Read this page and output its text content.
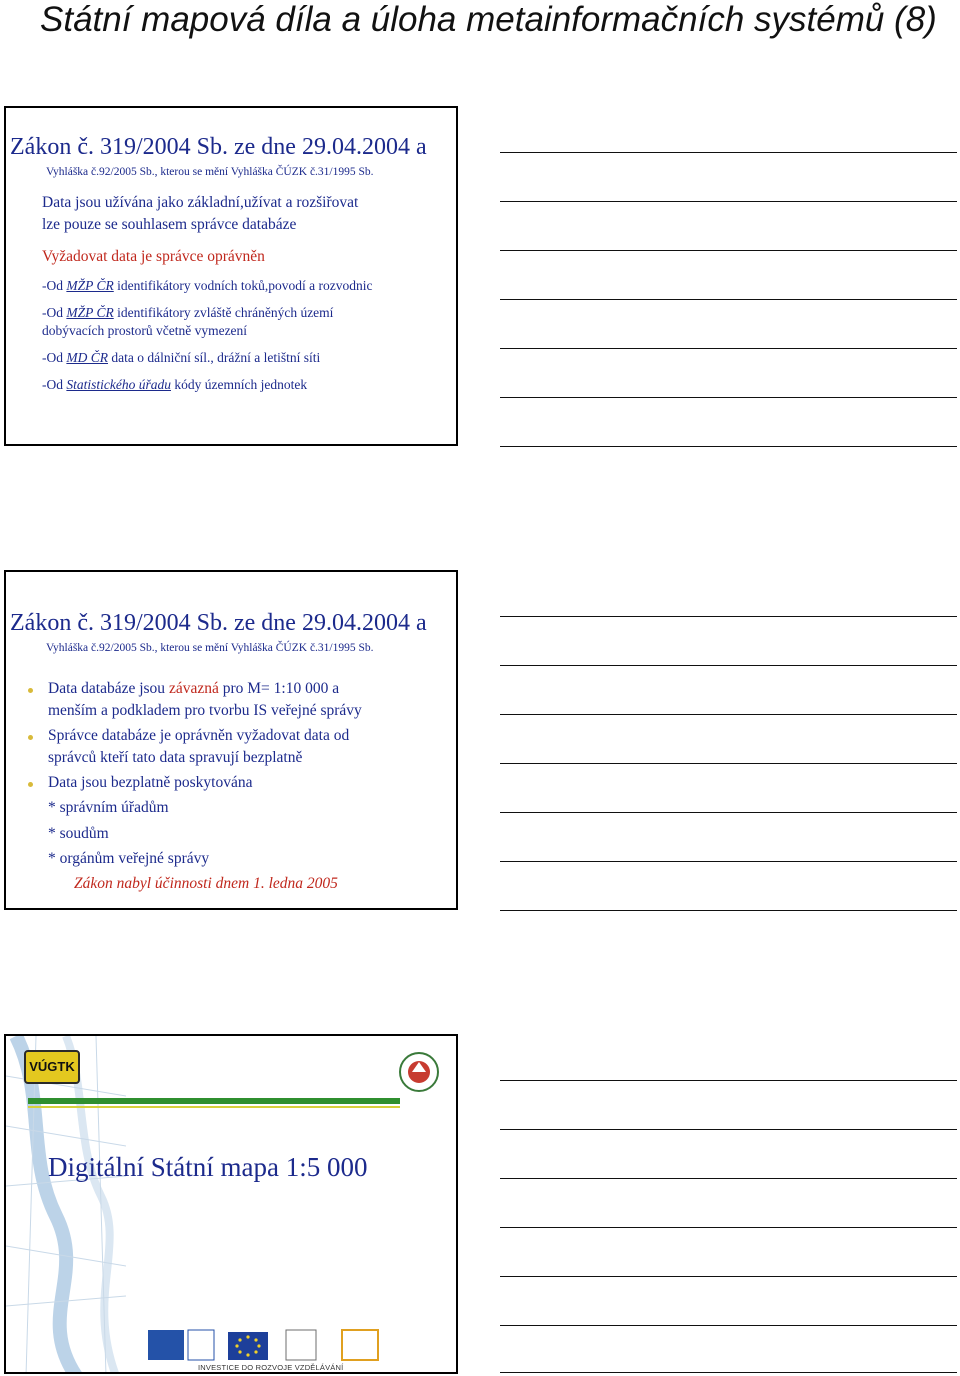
Státní mapová díla a úloha metainformačních systémů (8)
Zákon č. 319/2004 Sb. ze dne 29.04.2004 a
Vyhláška č.92/2005 Sb., kterou se mění Vyhláška ČÚZK č.31/1995 Sb.
Data jsou užívána jako základní,užívat a rozšiřovat
lze pouze se souhlasem správce databáze
Vyžadovat data je správce oprávněn
-Od MŽP ČR identifikátory vodních toků,povodí a rozvodnic
-Od MŽP ČR identifikátory zvláště chráněných území
dobývacích prostorů včetně vymezení
-Od MD ČR data o dálniční síl., drážní a letištní síti
-Od Statistického úřadu kódy územních jednotek
Zákon č. 319/2004 Sb. ze dne 29.04.2004 a
Vyhláška č.92/2005 Sb., kterou se mění Vyhláška ČÚZK č.31/1995 Sb.
Data databáze jsou závazná pro M= 1:10 000 a
menším a podkladem pro tvorbu IS veřejné správy
Správce databáze je oprávněn vyžadovat data od
správců kteří tato data spravují bezplatně
Data jsou bezplatně poskytována
* správním úřadům
* soudům
* orgánům veřejné správy
Zákon nabyl účinnosti dnem 1. ledna 2005
VÚGTK
Digitální Státní mapa 1:5 000
INVESTICE DO ROZVOJE VZDĚLÁVÁNÍ
